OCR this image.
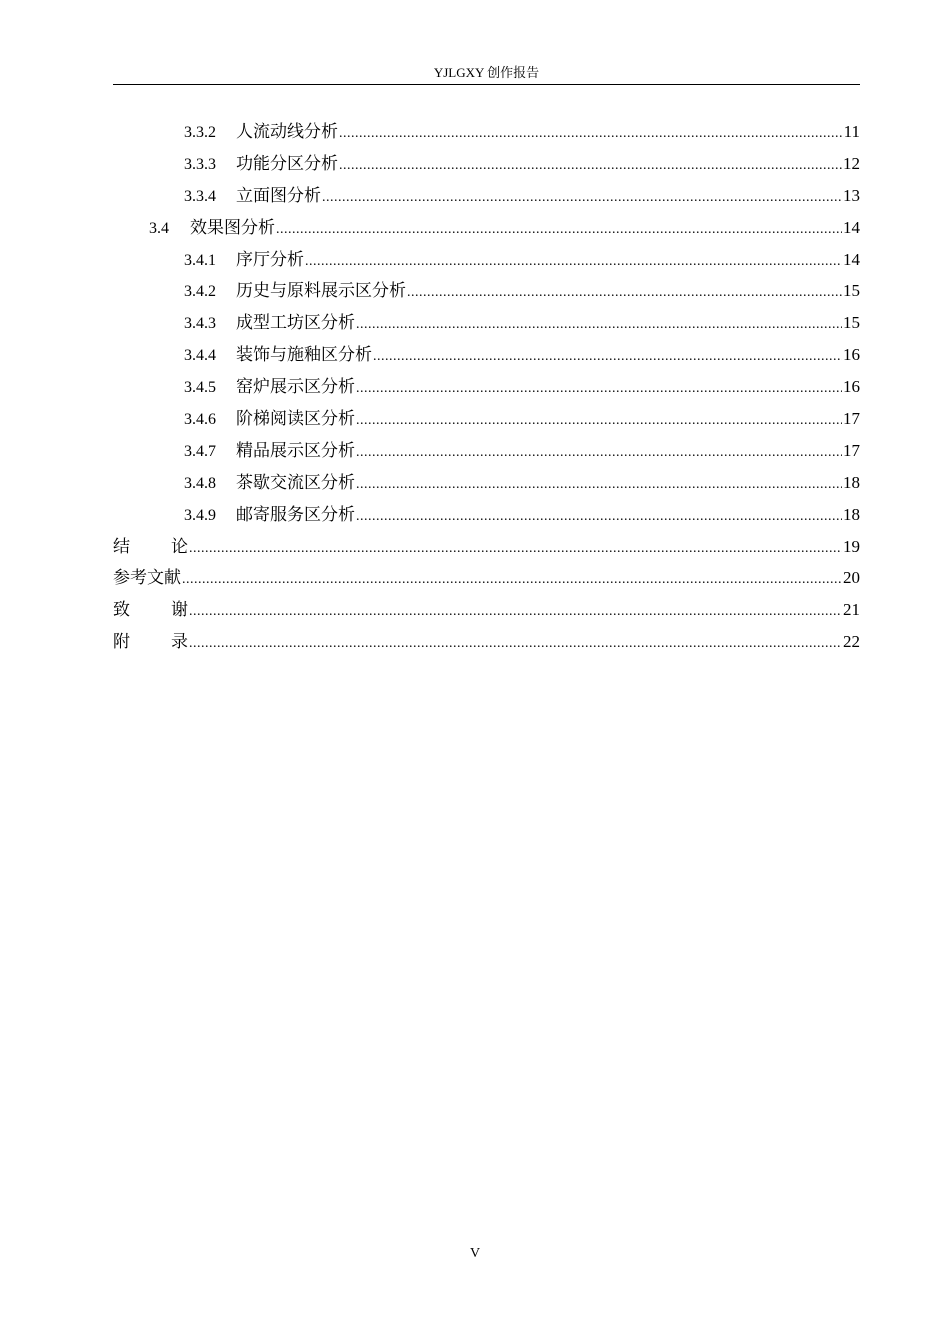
YJLGXY 创作报告
3.3.2	人流动线分析 .....	11
3.3.3	功能分区分析 .....	12
3.3.4	立面图分析 .....	13
3.4	效果图分析 .....	14
3.4.1	序厅分析 .....	14
3.4.2	历史与原料展示区分析 .....	15
3.4.3	成型工坊区分析 .....	15
3.4.4	装饰与施釉区分析 .....	16
3.4.5	窑炉展示区分析 .....	16
3.4.6	阶梯阅读区分析 .....	17
3.4.7	精品展示区分析 .....	17
3.4.8	茶歇交流区分析 .....	18
3.4.9	邮寄服务区分析 .....	18
结论 .....	19
参考文献 .....	20
致谢 .....	21
附录 .....	22
V
